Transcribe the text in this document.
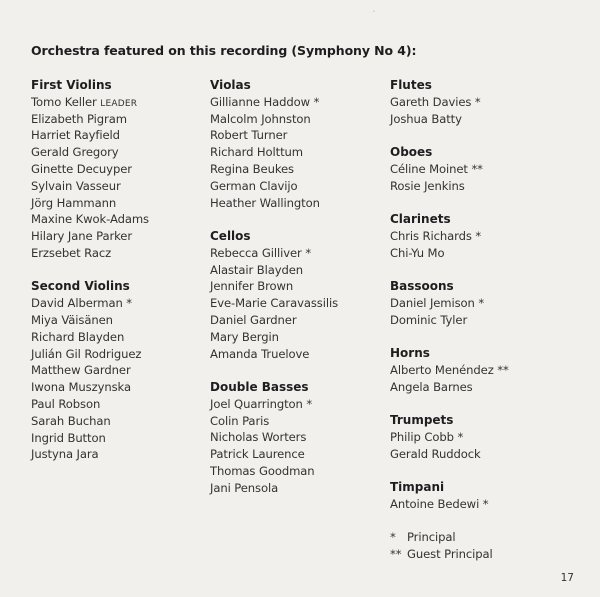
˙
Orchestra featured on this recording (Symphony No 4):
First Violins
Tomo Keller LEADER
Elizabeth Pigram
Harriet Rayfield
Gerald Gregory
Ginette Decuyper
Sylvain Vasseur
Jörg Hammann
Maxine Kwok-Adams
Hilary Jane Parker
Erzsebet Racz
Second Violins
David Alberman *
Miya Väisänen
Richard Blayden
Julián Gil Rodriguez
Matthew Gardner
Iwona Muszynska
Paul Robson
Sarah Buchan
Ingrid Button
Justyna Jara
Violas
Gillianne Haddow *
Malcolm Johnston
Robert Turner
Richard Holttum
Regina Beukes
German Clavijo
Heather Wallington
Cellos
Rebecca Gilliver *
Alastair Blayden
Jennifer Brown
Eve-Marie Caravassilis
Daniel Gardner
Mary Bergin
Amanda Truelove
Double Basses
Joel Quarrington *
Colin Paris
Nicholas Worters
Patrick Laurence
Thomas Goodman
Jani Pensola
Flutes
Gareth Davies *
Joshua Batty
Oboes
Céline Moinet **
Rosie Jenkins
Clarinets
Chris Richards *
Chi-Yu Mo
Bassoons
Daniel Jemison *
Dominic Tyler
Horns
Alberto Menéndez **
Angela Barnes
Trumpets
Philip Cobb *
Gerald Ruddock
Timpani
Antoine Bedewi *
* Principal
** Guest Principal
17
